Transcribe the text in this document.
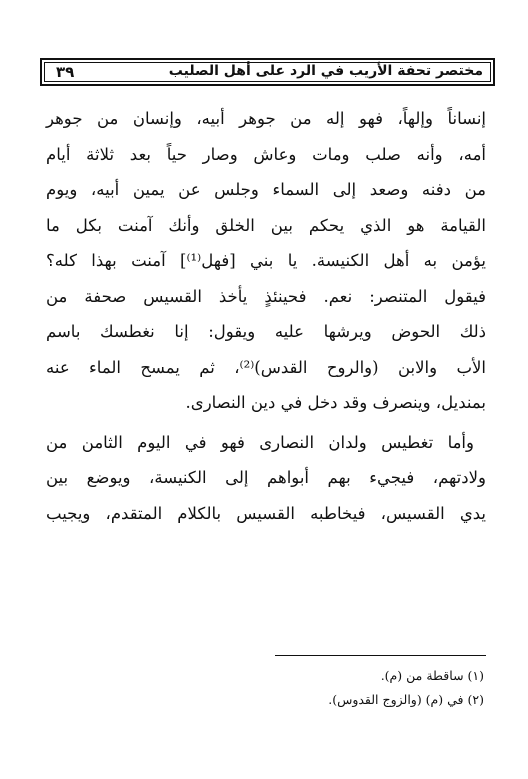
مختصر تحفة الأريب في الرد على أهل الصليب
٣٩

إنساناً وإلهاً، فهو إله من جوهر أبيه، وإنسان من جوهر

أمه، وأنه صلب ومات وعاش وصار حياً بعد ثلاثة أيام

من دفنه وصعد إلى السماء وجلس عن يمين أبيه، ويوم

القيامة هو الذي يحكم بين الخلق وأنك آمنت بكل ما

يؤمن به أهل الكنيسة. يا بني [فهل⁽¹⁾] آمنت بهذا كله؟

فيقول المتنصر: نعم. فحينئذٍ يأخذ القسيس صحفة من

ذلك الحوض ويرشها عليه ويقول: إنا نغطسك باسم

الأب والابن (والروح القدس)⁽²⁾، ثم يمسح الماء عنه

بمنديل، وينصرف وقد دخل في دين النصارى.

وأما تغطيس ولدان النصارى فهو في اليوم الثامن من

ولادتهم، فيجيء بهم أبواهم إلى الكنيسة، ويوضع بين

يدي القسيس، فيخاطبه القسيس بالكلام المتقدم، ويجيب

(١) ساقطة من (م).

(٢) في (م) (والزوج القدوس).
